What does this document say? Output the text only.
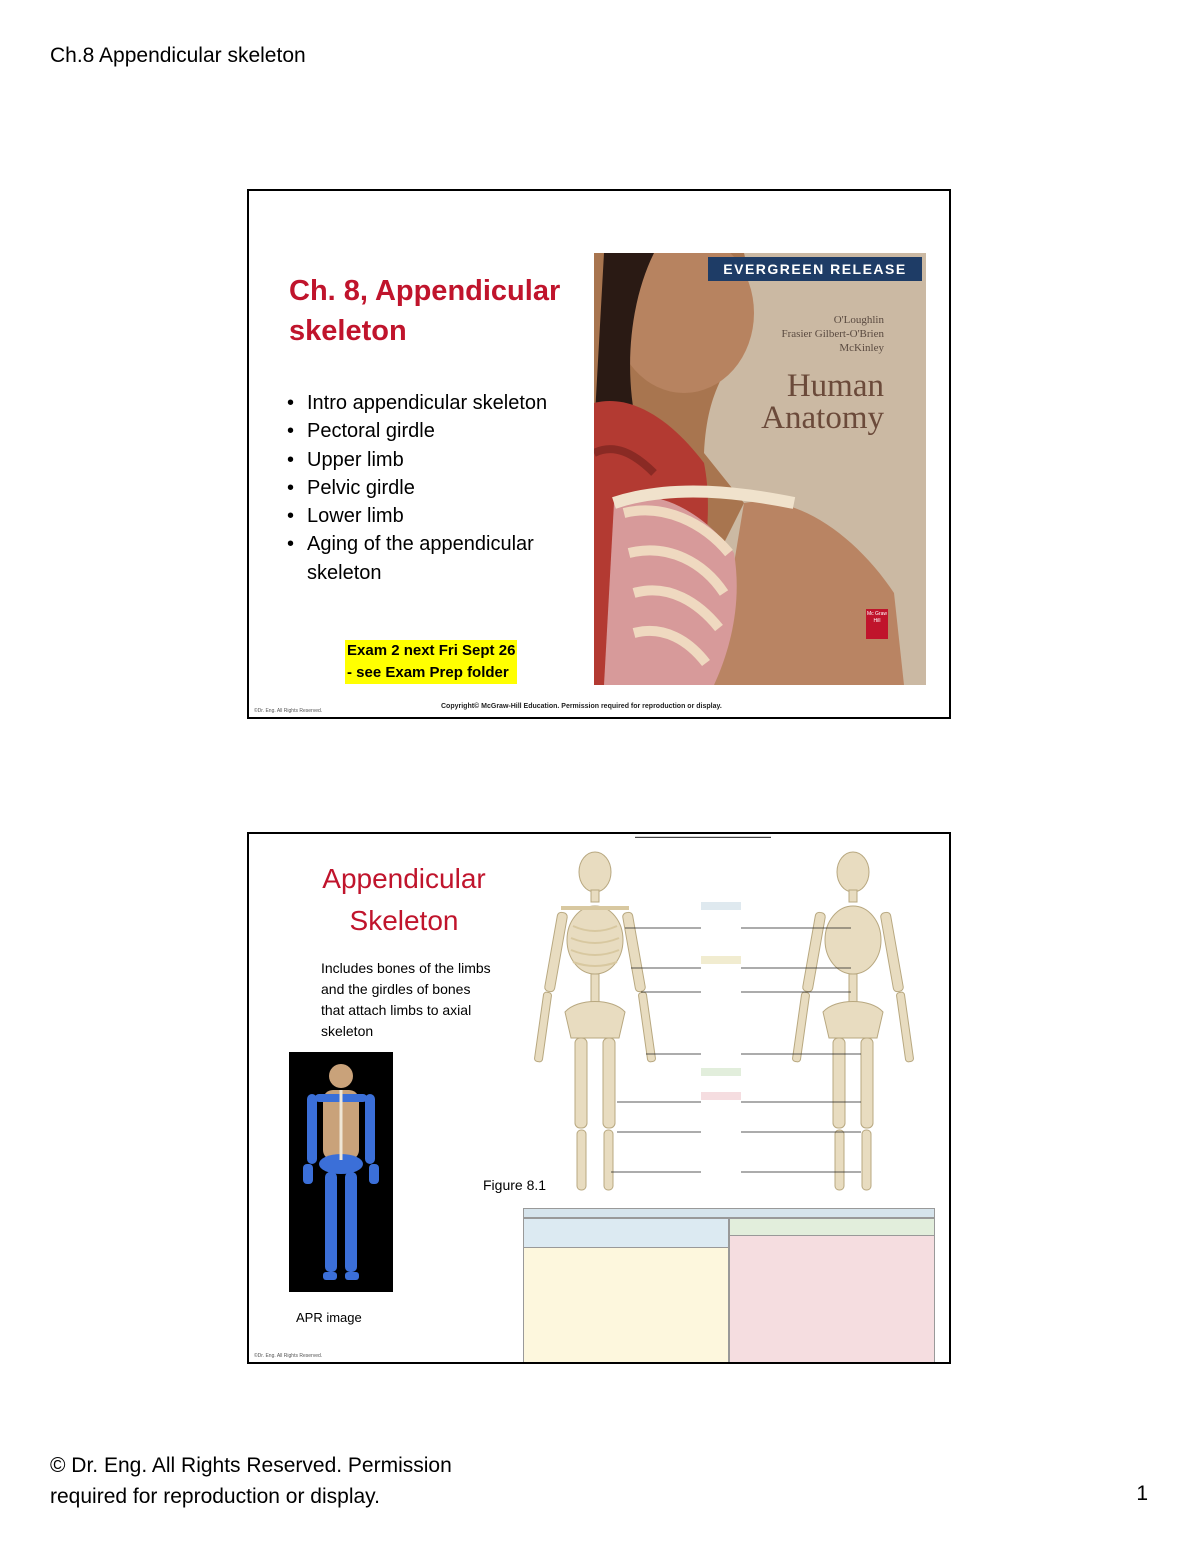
Ch.8 Appendicular skeleton
Ch. 8, Appendicular skeleton
• Intro appendicular skeleton
• Pectoral girdle
• Upper limb
• Pelvic girdle
• Lower limb
• Aging of the appendicular skeleton
Exam 2 next Fri Sept 26
- see Exam Prep folder
EVERGREEN RELEASE
O'Loughlin
Frasier Gilbert-O'Brien
McKinley
Human
Anatomy
Mc Graw Hill
Copyright© McGraw-Hill Education. Permission required for reproduction or display.
©Dr. Eng. All Rights Reserved.
Appendicular Skeleton
Includes bones of the limbs and the girdles of bones that attach limbs to axial skeleton
APR image
▬▬▬▬▬▬▬▬▬▬▬▬▬▬▬▬▬▬▬▬▬▬▬▬▬▬▬▬▬▬▬▬▬▬
Figure 8.1
©Dr. Eng. All Rights Reserved.
© Dr. Eng. All Rights Reserved. Permission
required for reproduction or display.	1
